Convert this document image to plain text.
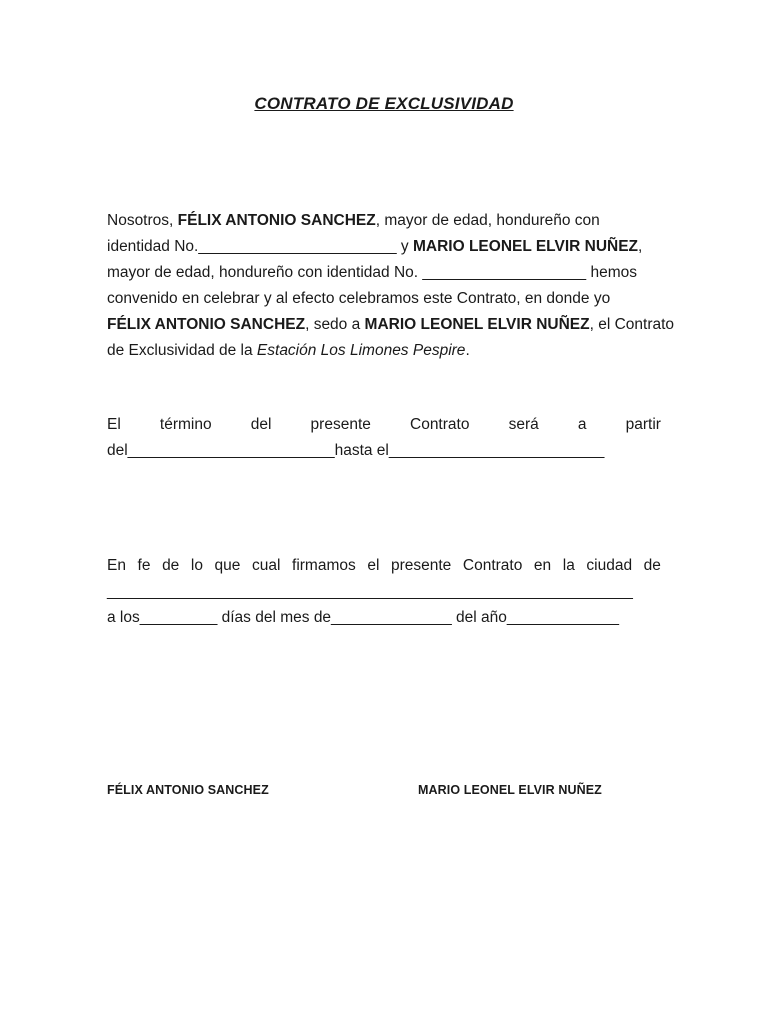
CONTRATO DE EXCLUSIVIDAD
Nosotros, FÉLIX ANTONIO SANCHEZ, mayor de edad, hondureño con
identidad No._______________________ y MARIO LEONEL ELVIR NUÑEZ,
mayor de edad, hondureño con identidad No. ___________________ hemos
convenido en celebrar y al efecto celebramos este Contrato, en donde yo
FÉLIX ANTONIO SANCHEZ, sedo a MARIO LEONEL ELVIR NUÑEZ, el Contrato
de Exclusividad de la Estación Los Limones Pespire.
El	término	del	presente	Contrato	será	a	partir
del________________________hasta el_________________________
En fe de lo que cual firmamos el presente Contrato en la ciudad de
_____________________________________________________________
a los_________ días del mes de______________ del año_____________
FÉLIX ANTONIO SANCHEZ	MARIO LEONEL ELVIR NUÑEZ
